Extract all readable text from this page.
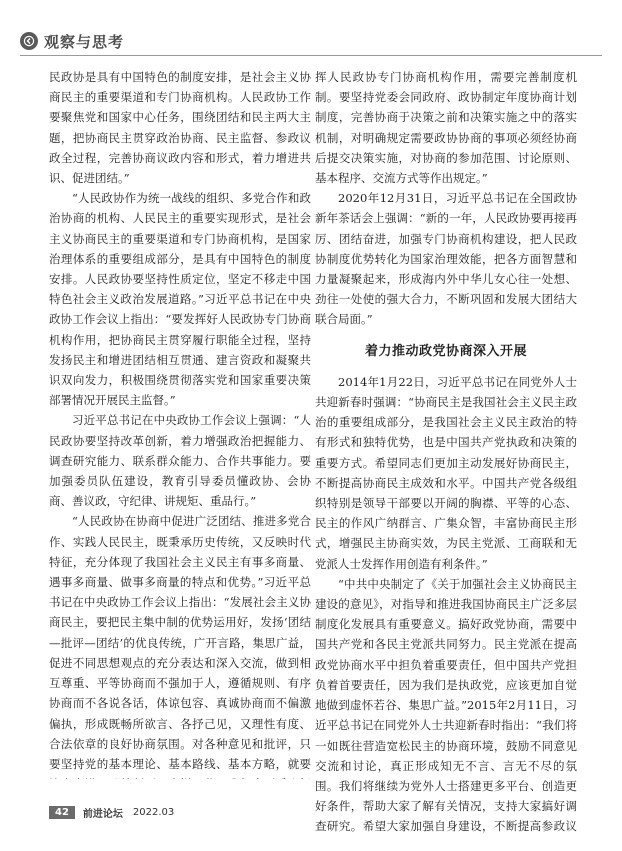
观察与思考

民政协是具有中国特色的制度安排，是社会主义协商民主的重要渠道和专门协商机构。人民政协工作要聚焦党和国家中心任务，围绕团结和民主两大主题，把协商民主贯穿政治协商、民主监督、参政议政全过程，完善协商议政内容和形式，着力增进共识、促进团结。”

“人民政协作为统一战线的组织、多党合作和政治协商的机构、人民民主的重要实现形式，是社会主义协商民主的重要渠道和专门协商机构，是国家治理体系的重要组成部分，是具有中国特色的制度安排。人民政协要坚持性质定位，坚定不移走中国特色社会主义政治发展道路。”习近平总书记在中央政协工作会议上指出：“要发挥好人民政协专门协商机构作用，把协商民主贯穿履行职能全过程，坚持发扬民主和增进团结相互贯通、建言资政和凝聚共识双向发力，积极围绕贯彻落实党和国家重要决策部署情况开展民主监督。”

习近平总书记在中央政协工作会议上强调：“人民政协要坚持改革创新，着力增强政治把握能力、调查研究能力、联系群众能力、合作共事能力。要加强委员队伍建设，教育引导委员懂政协、会协商、善议政，守纪律、讲规矩、重品行。”

“人民政协在协商中促进广泛团结、推进多党合作、实践人民民主，既秉承历史传统，又反映时代特征，充分体现了我国社会主义民主有事多商量、遇事多商量、做事多商量的特点和优势。”习近平总书记在中央政协工作会议上指出：“发展社会主义协商民主，要把民主集中制的优势运用好，发扬‘团结—批评—团结’的优良传统，广开言路，集思广益，促进不同思想观点的充分表达和深入交流，做到相互尊重、平等协商而不强加于人，遵循规则、有序协商而不各说各话，体谅包容、真诚协商而不偏激偏执，形成既畅所欲言、各抒己见，又理性有度、合法依章的良好协商氛围。对各种意见和批评，只要坚持党的基本理论、基本路线、基本方略，就要

挥人民政协专门协商机构作用，需要完善制度机制。要坚持党委会同政府、政协制定年度协商计划制度，完善协商于决策之前和决策实施之中的落实机制，对明确规定需要政协协商的事项必须经协商后提交决策实施，对协商的参加范围、讨论原则、基本程序、交流方式等作出规定。”

2020年12月31日，习近平总书记在全国政协新年茶话会上强调：“新的一年，人民政协要再接再厉、团结奋进，加强专门协商机构建设，把人民政协制度优势转化为国家治理效能，把各方面智慧和力量凝聚起来，形成海内外中华儿女心往一处想、劲往一处使的强大合力，不断巩固和发展大团结大联合局面。”

着力推动政党协商深入开展

2014年1月22日，习近平总书记在同党外人士共迎新春时强调：“协商民主是我国社会主义民主政治的重要组成部分，是我国社会主义民主政治的特有形式和独特优势，也是中国共产党执政和决策的重要方式。希望同志们更加主动发展好协商民主，不断提高协商民主成效和水平。中国共产党各级组织特别是领导干部要以开阔的胸襟、平等的心态、民主的作风广纳群言、广集众智，丰富协商民主形式，增强民主协商实效，为民主党派、工商联和无党派人士发挥作用创造有利条件。”

“中共中央制定了《关于加强社会主义协商民主建设的意见》，对指导和推进我国协商民主广泛多层制度化发展具有重要意义。搞好政党协商，需要中国共产党和各民主党派共同努力。民主党派在提高政党协商水平中担负着重要责任，但中国共产党担负着首要责任，因为我们是执政党，应该更加自觉地做到虚怀若谷、集思广益。”2015年2月11日，习近平总书记在同党外人士共迎新春时指出：“我们将一如既往营造宽松民主的协商环境，鼓励不同意见交流和讨论，真正形成知无不言、言无不尽的氛围。我们将继续为党外人士搭建更多平台、创造更好条件，帮助大家了解有关情况，支持大家搞好调查研究。希望大家加强自身建设，不断提高参政议

42	前进论坛 2022.03
